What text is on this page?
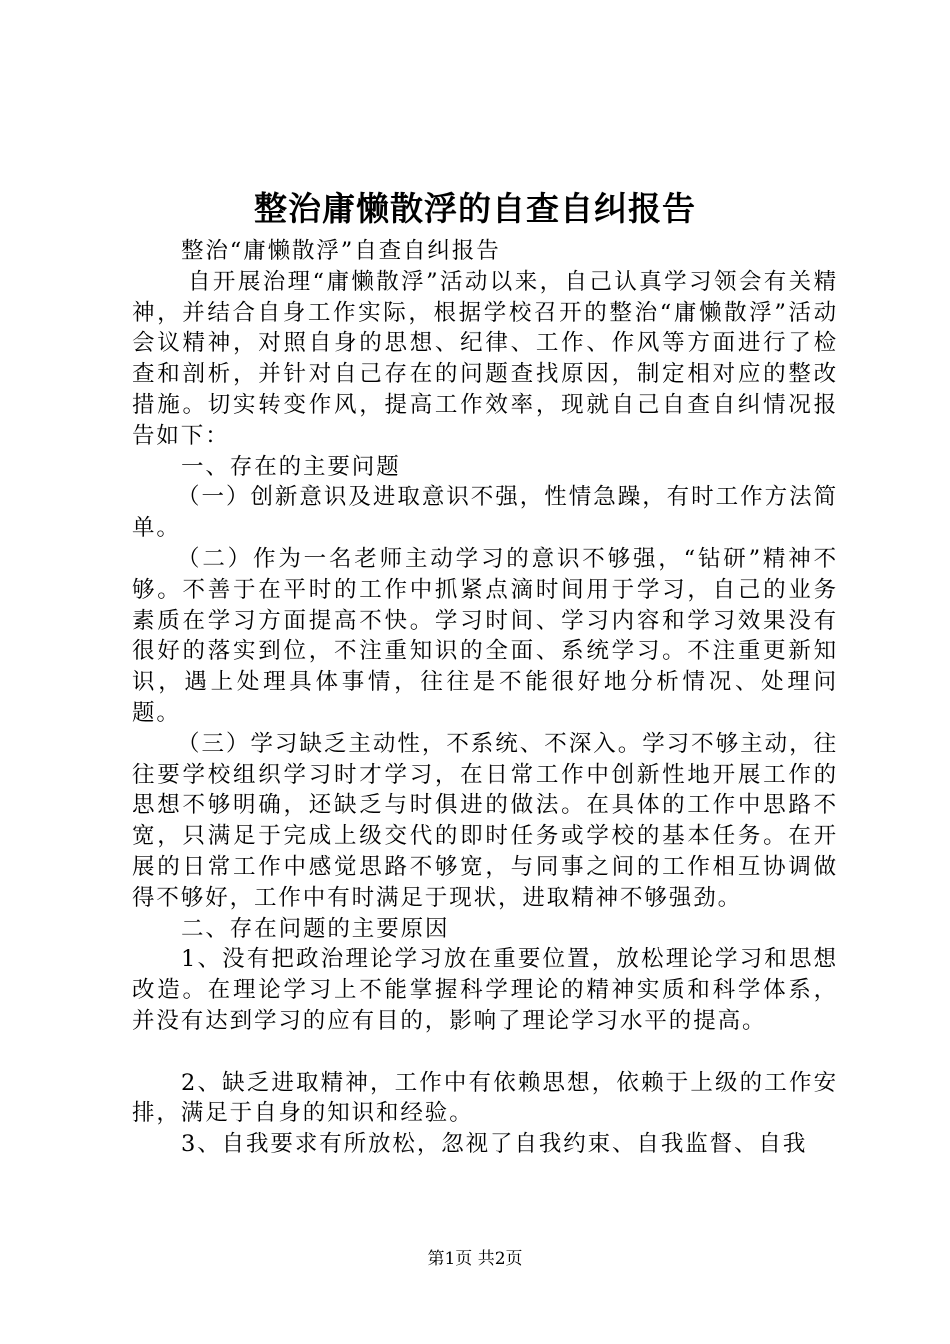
整治庸懒散浮的自查自纠报告

整治“庸懒散浮”自查自纠报告

自开展治理“庸懒散浮”活动以来，自己认真学习领会有关精神，并结合自身工作实际，根据学校召开的整治“庸懒散浮”活动会议精神，对照自身的思想、纪律、工作、作风等方面进行了检查和剖析，并针对自己存在的问题查找原因，制定相对应的整改措施。切实转变作风，提高工作效率，现就自己自查自纠情况报告如下：

一、存在的主要问题

（一）创新意识及进取意识不强，性情急躁，有时工作方法简单。

（二）作为一名老师主动学习的意识不够强，“钻研”精神不够。不善于在平时的工作中抓紧点滴时间用于学习，自己的业务素质在学习方面提高不快。学习时间、学习内容和学习效果没有很好的落实到位，不注重知识的全面、系统学习。不注重更新知识，遇上处理具体事情，往往是不能很好地分析情况、处理问题。

（三）学习缺乏主动性，不系统、不深入。学习不够主动，往往要学校组织学习时才学习，在日常工作中创新性地开展工作的思想不够明确，还缺乏与时俱进的做法。在具体的工作中思路不宽，只满足于完成上级交代的即时任务或学校的基本任务。在开展的日常工作中感觉思路不够宽，与同事之间的工作相互协调做得不够好，工作中有时满足于现状，进取精神不够强劲。

二、存在问题的主要原因

1、没有把政治理论学习放在重要位置，放松理论学习和思想改造。在理论学习上不能掌握科学理论的精神实质和科学体系，并没有达到学习的应有目的，影响了理论学习水平的提高。

2、缺乏进取精神，工作中有依赖思想，依赖于上级的工作安排，满足于自身的知识和经验。

3、自我要求有所放松，忽视了自我约束、自我监督、自我

第1页 共2页
